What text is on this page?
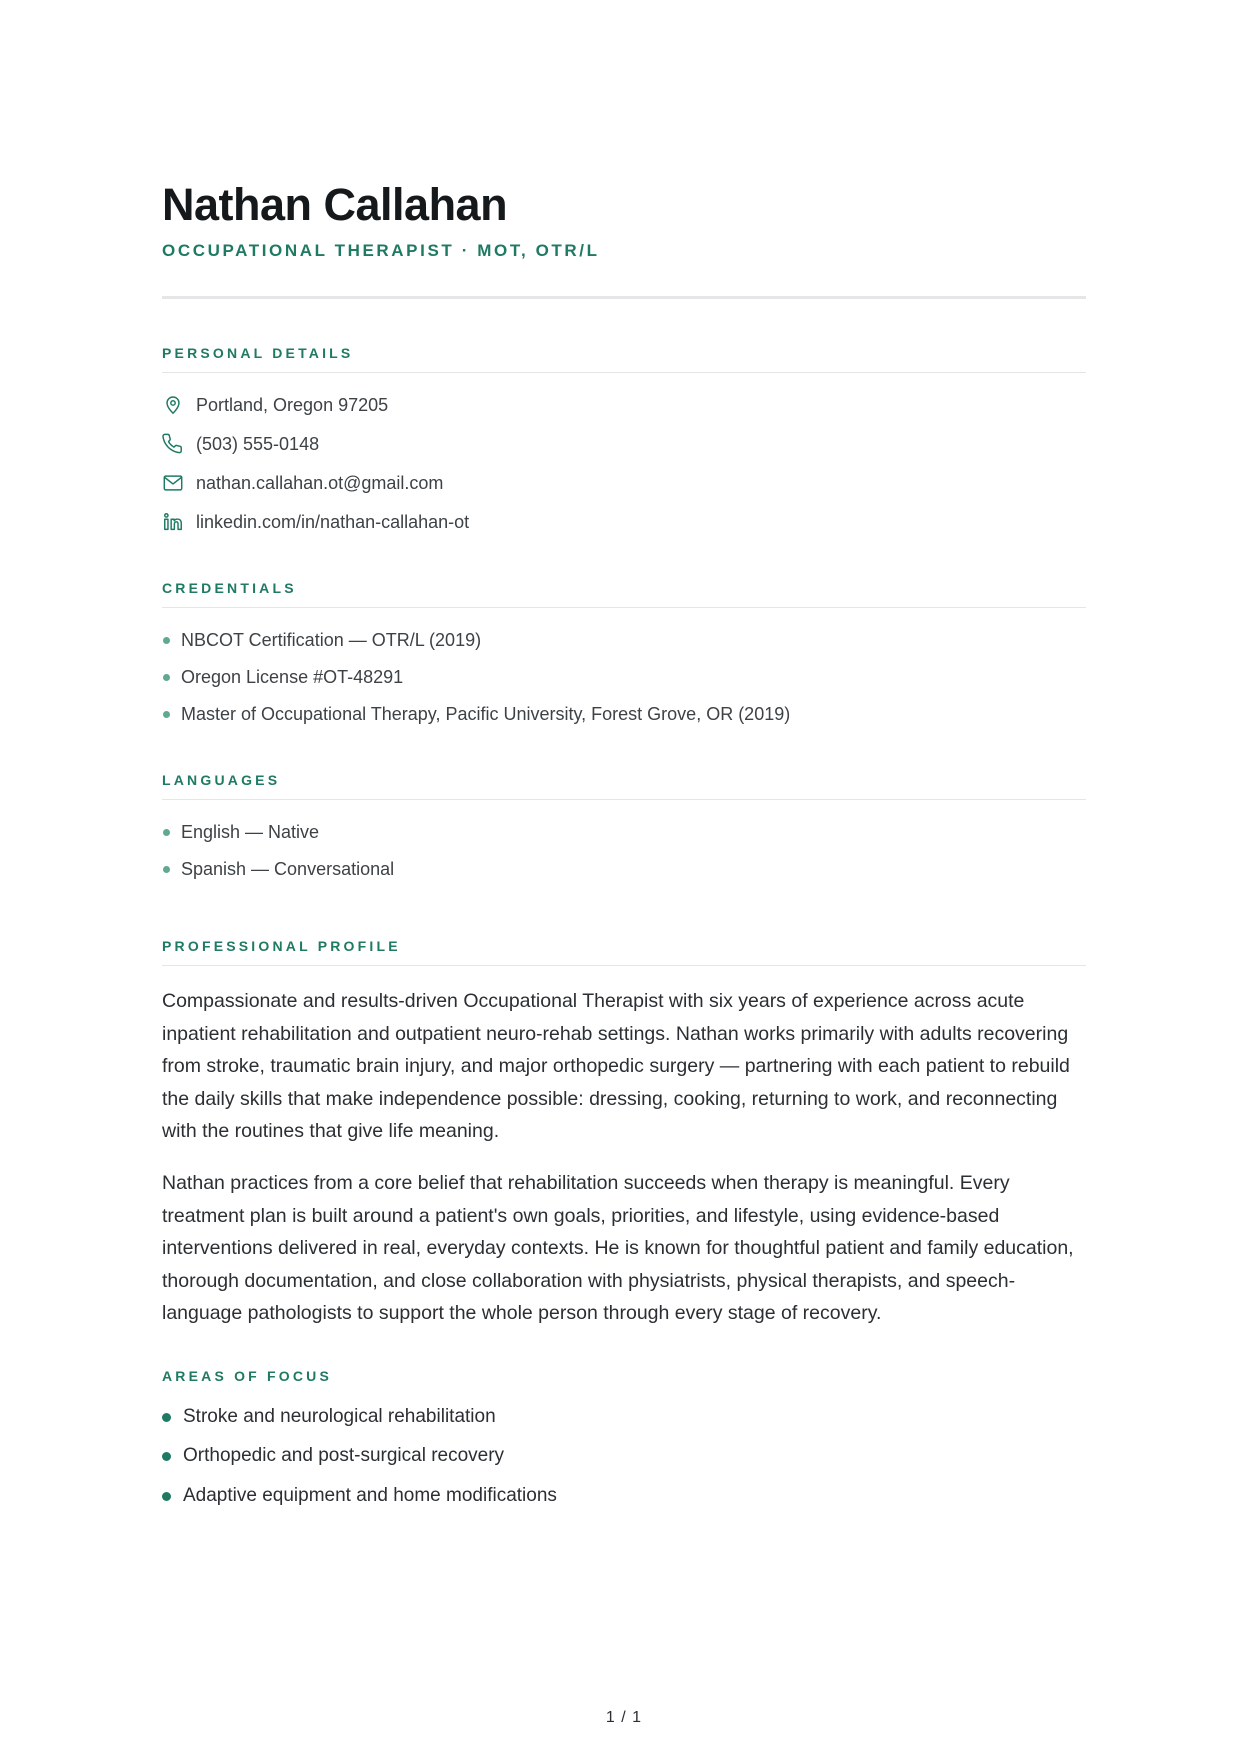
Nathan Callahan
OCCUPATIONAL THERAPIST · MOT, OTR/L
PERSONAL DETAILS
Portland, Oregon 97205
(503) 555-0148
nathan.callahan.ot@gmail.com
linkedin.com/in/nathan-callahan-ot
CREDENTIALS
NBCOT Certification — OTR/L (2019)
Oregon License #OT-48291
Master of Occupational Therapy, Pacific University, Forest Grove, OR (2019)
LANGUAGES
English — Native
Spanish — Conversational
PROFESSIONAL PROFILE

Compassionate and results-driven Occupational Therapist with six years of experience across acute inpatient rehabilitation and outpatient neuro-rehab settings. Nathan works primarily with adults recovering from stroke, traumatic brain injury, and major orthopedic surgery — partnering with each patient to rebuild the daily skills that make independence possible: dressing, cooking, returning to work, and reconnecting with the routines that give life meaning.

Nathan practices from a core belief that rehabilitation succeeds when therapy is meaningful. Every treatment plan is built around a patient's own goals, priorities, and lifestyle, using evidence-based interventions delivered in real, everyday contexts. He is known for thoughtful patient and family education, thorough documentation, and close collaboration with physiatrists, physical therapists, and speech-language pathologists to support the whole person through every stage of recovery.

AREAS OF FOCUS
Stroke and neurological rehabilitation
Orthopedic and post-surgical recovery
Adaptive equipment and home modifications
1 / 1
